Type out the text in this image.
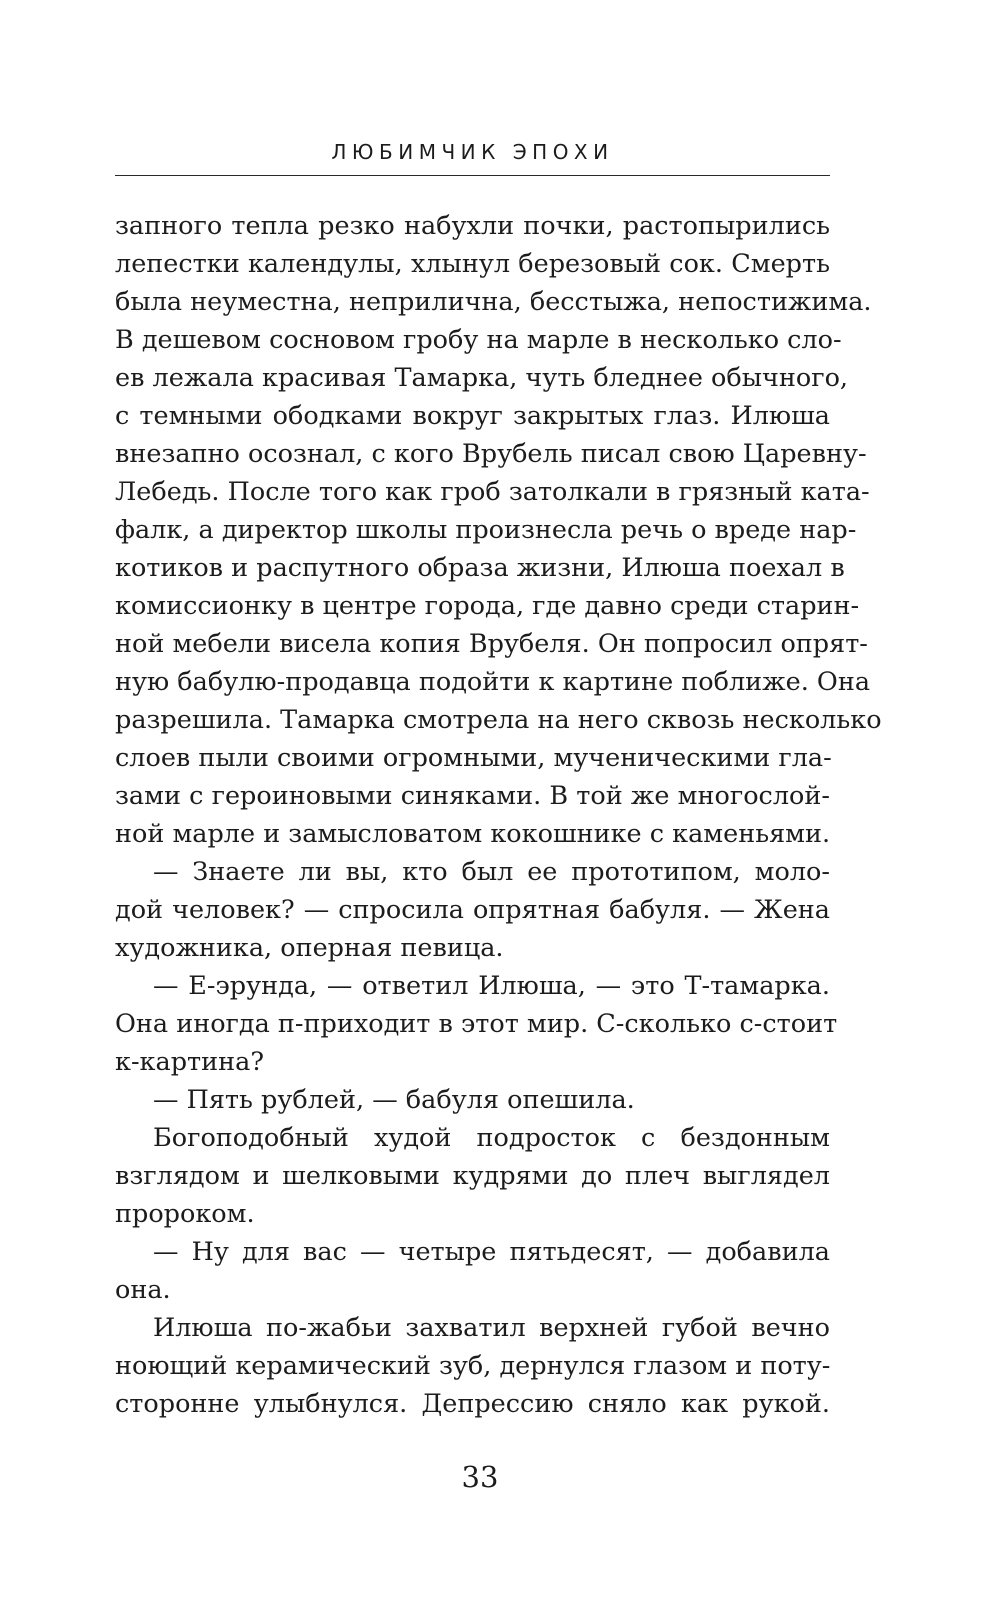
ЛЮБИМЧИК ЭПОХИ
запного тепла резко набухли почки, растопырились
лепестки календулы, хлынул березовый сок. Смерть
была неуместна, неприлична, бесстыжа, непостижима.
В дешевом сосновом гробу на марле в несколько сло-
ев лежала красивая Тамарка, чуть бледнее обычного,
с темными ободками вокруг закрытых глаз. Илюша
внезапно осознал, с кого Врубель писал свою Царевну-
Лебедь. После того как гроб затолкали в грязный ката-
фалк, а директор школы произнесла речь о вреде нар-
котиков и распутного образа жизни, Илюша поехал в
комиссионку в центре города, где давно среди старин-
ной мебели висела копия Врубеля. Он попросил опрят-
ную бабулю-продавца подойти к картине поближе. Она
разрешила. Тамарка смотрела на него сквозь несколько
слоев пыли своими огромными, мученическими гла-
зами с героиновыми синяками. В той же многослой-
ной марле и замысловатом кокошнике с каменьями.
— Знаете ли вы, кто был ее прототипом, моло-
дой человек? — спросила опрятная бабуля. — Жена
художника, оперная певица.
— Е-эрунда, — ответил Илюша, — это Т-тамарка.
Она иногда п-приходит в этот мир. С-сколько с-стоит
к-картина?
— Пять рублей, — бабуля опешила.
Богоподобный худой подросток с бездонным
взглядом и шелковыми кудрями до плеч выглядел
пророком.
— Ну для вас — четыре пятьдесят, — добавила
она.
Илюша по-жабьи захватил верхней губой вечно
ноющий керамический зуб, дернулся глазом и поту-
сторонне улыбнулся. Депрессию сняло как рукой.
33
